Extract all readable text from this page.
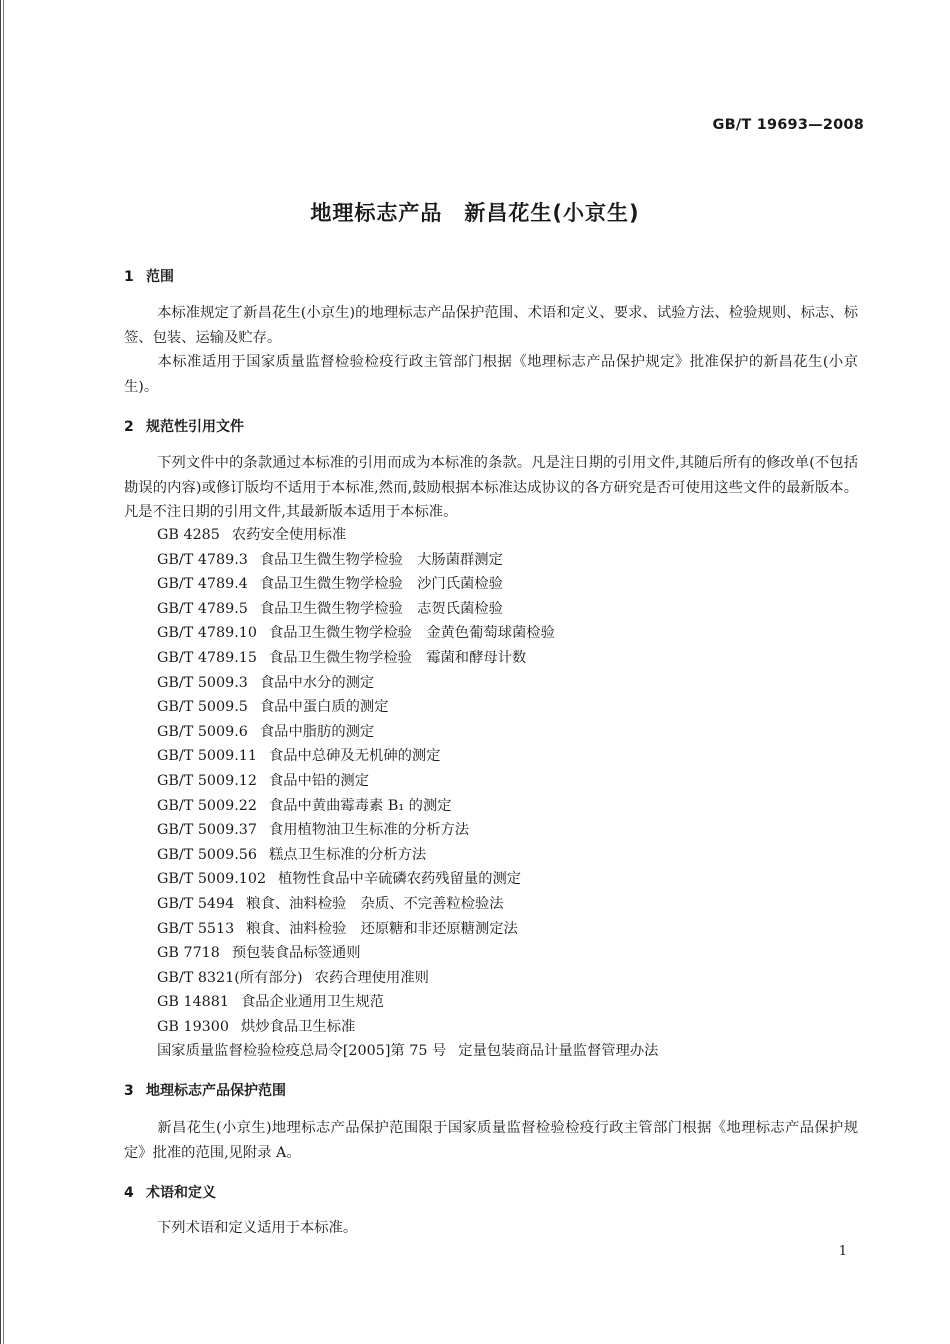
GB/T 19693—2008
地理标志产品　新昌花生(小京生)
1 范围

本标准规定了新昌花生(小京生)的地理标志产品保护范围、术语和定义、要求、试验方法、检验规则、标志、标签、包装、运输及贮存。

本标准适用于国家质量监督检验检疫行政主管部门根据《地理标志产品保护规定》批准保护的新昌花生(小京生)。

2 规范性引用文件

下列文件中的条款通过本标准的引用而成为本标准的条款。凡是注日期的引用文件,其随后所有的修改单(不包括勘误的内容)或修订版均不适用于本标准,然而,鼓励根据本标准达成协议的各方研究是否可使用这些文件的最新版本。凡是不注日期的引用文件,其最新版本适用于本标准。

GB 4285 农药安全使用标准
GB/T 4789.3 食品卫生微生物学检验　大肠菌群测定
GB/T 4789.4 食品卫生微生物学检验　沙门氏菌检验
GB/T 4789.5 食品卫生微生物学检验　志贺氏菌检验
GB/T 4789.10 食品卫生微生物学检验　金黄色葡萄球菌检验
GB/T 4789.15 食品卫生微生物学检验　霉菌和酵母计数
GB/T 5009.3 食品中水分的测定
GB/T 5009.5 食品中蛋白质的测定
GB/T 5009.6 食品中脂肪的测定
GB/T 5009.11 食品中总砷及无机砷的测定
GB/T 5009.12 食品中铅的测定
GB/T 5009.22 食品中黄曲霉毒素 B₁ 的测定
GB/T 5009.37 食用植物油卫生标准的分析方法
GB/T 5009.56 糕点卫生标准的分析方法
GB/T 5009.102 植物性食品中辛硫磷农药残留量的测定
GB/T 5494 粮食、油料检验　杂质、不完善粒检验法
GB/T 5513 粮食、油料检验　还原糖和非还原糖测定法
GB 7718 预包装食品标签通则
GB/T 8321(所有部分) 农药合理使用准则
GB 14881 食品企业通用卫生规范
GB 19300 烘炒食品卫生标准
国家质量监督检验检疫总局令[2005]第 75 号 定量包装商品计量监督管理办法
3 地理标志产品保护范围

新昌花生(小京生)地理标志产品保护范围限于国家质量监督检验检疫行政主管部门根据《地理标志产品保护规定》批准的范围,见附录 A。

4 术语和定义

下列术语和定义适用于本标准。

1
